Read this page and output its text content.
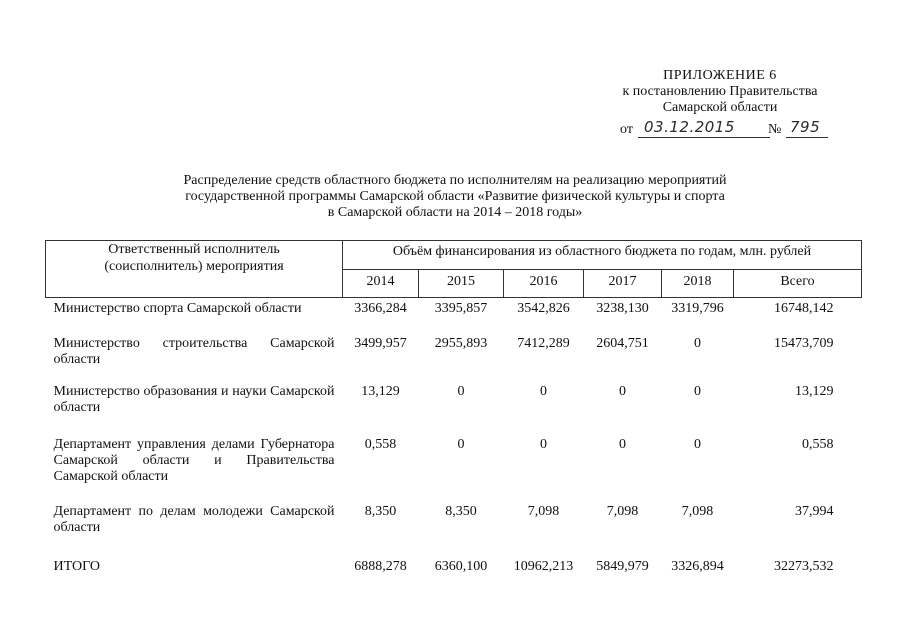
ПРИЛОЖЕНИЕ 6
к постановлению Правительства
Самарской области
от 03.12.2015 № 795
Распределение средств областного бюджета по исполнителям на реализацию мероприятий
государственной программы Самарской области «Развитие физической культуры и спорта
в Самарской области на 2014 – 2018 годы»
Ответственный исполнитель
(соисполнитель) мероприятия	Объём финансирования из областного бюджета по годам, млн. рублей					
	2014	2015	2016	2017	2018	Всего
Министерство спорта Самарской области	3366,284	3395,857	3542,826	3238,130	3319,796	16748,142
Министерство строительства Самарской области	3499,957	2955,893	7412,289	2604,751	0	15473,709
Министерство образования и науки Самарской области	13,129	0	0	0	0	13,129
Департамент управления делами Губернатора Самарской области и Правительства Самарской области	0,558	0	0	0	0	0,558
Департамент по делам молодежи Самарской области	8,350	8,350	7,098	7,098	7,098	37,994
ИТОГО	6888,278	6360,100	10962,213	5849,979	3326,894	32273,532
